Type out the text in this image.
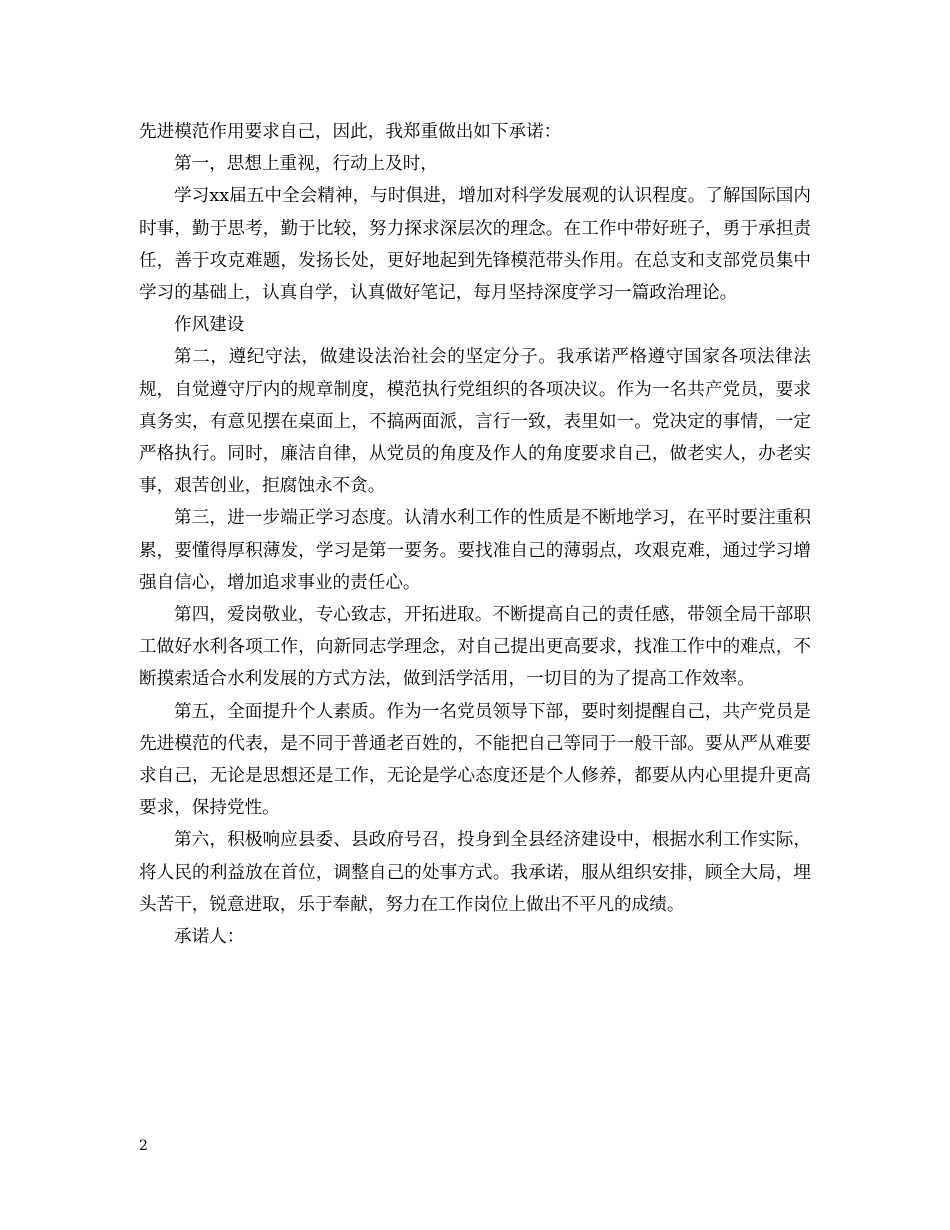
先进模范作用要求自己，因此，我郑重做出如下承诺：

第一，思想上重视，行动上及时，

学习xx届五中全会精神，与时俱进，增加对科学发展观的认识程度。了解国际国内时事，勤于思考，勤于比较，努力探求深层次的理念。在工作中带好班子，勇于承担责任，善于攻克难题，发扬长处，更好地起到先锋模范带头作用。在总支和支部党员集中学习的基础上，认真自学，认真做好笔记，每月坚持深度学习一篇政治理论。

作风建设

第二，遵纪守法，做建设法治社会的坚定分子。我承诺严格遵守国家各项法律法规，自觉遵守厅内的规章制度，模范执行党组织的各项决议。作为一名共产党员，要求真务实，有意见摆在桌面上，不搞两面派，言行一致，表里如一。党决定的事情，一定严格执行。同时，廉洁自律，从党员的角度及作人的角度要求自己，做老实人，办老实事，艰苦创业，拒腐蚀永不贪。

第三，进一步端正学习态度。认清水利工作的性质是不断地学习，在平时要注重积累，要懂得厚积薄发，学习是第一要务。要找准自己的薄弱点，攻艰克难，通过学习增强自信心，增加追求事业的责任心。

第四，爱岗敬业，专心致志，开拓进取。不断提高自己的责任感，带领全局干部职工做好水利各项工作，向新同志学理念，对自己提出更高要求，找准工作中的难点，不断摸索适合水利发展的方式方法，做到活学活用，一切目的为了提高工作效率。

第五，全面提升个人素质。作为一名党员领导下部，要时刻提醒自己，共产党员是先进模范的代表，是不同于普通老百姓的，不能把自己等同于一般干部。要从严从难要求自己，无论是思想还是工作，无论是学心态度还是个人修养，都要从内心里提升更高要求，保持党性。

第六，积极响应县委、县政府号召，投身到全县经济建设中，根据水利工作实际，将人民的利益放在首位，调整自己的处事方式。我承诺，服从组织安排，顾全大局，埋头苦干，锐意进取，乐于奉献，努力在工作岗位上做出不平凡的成绩。

承诺人：

2
